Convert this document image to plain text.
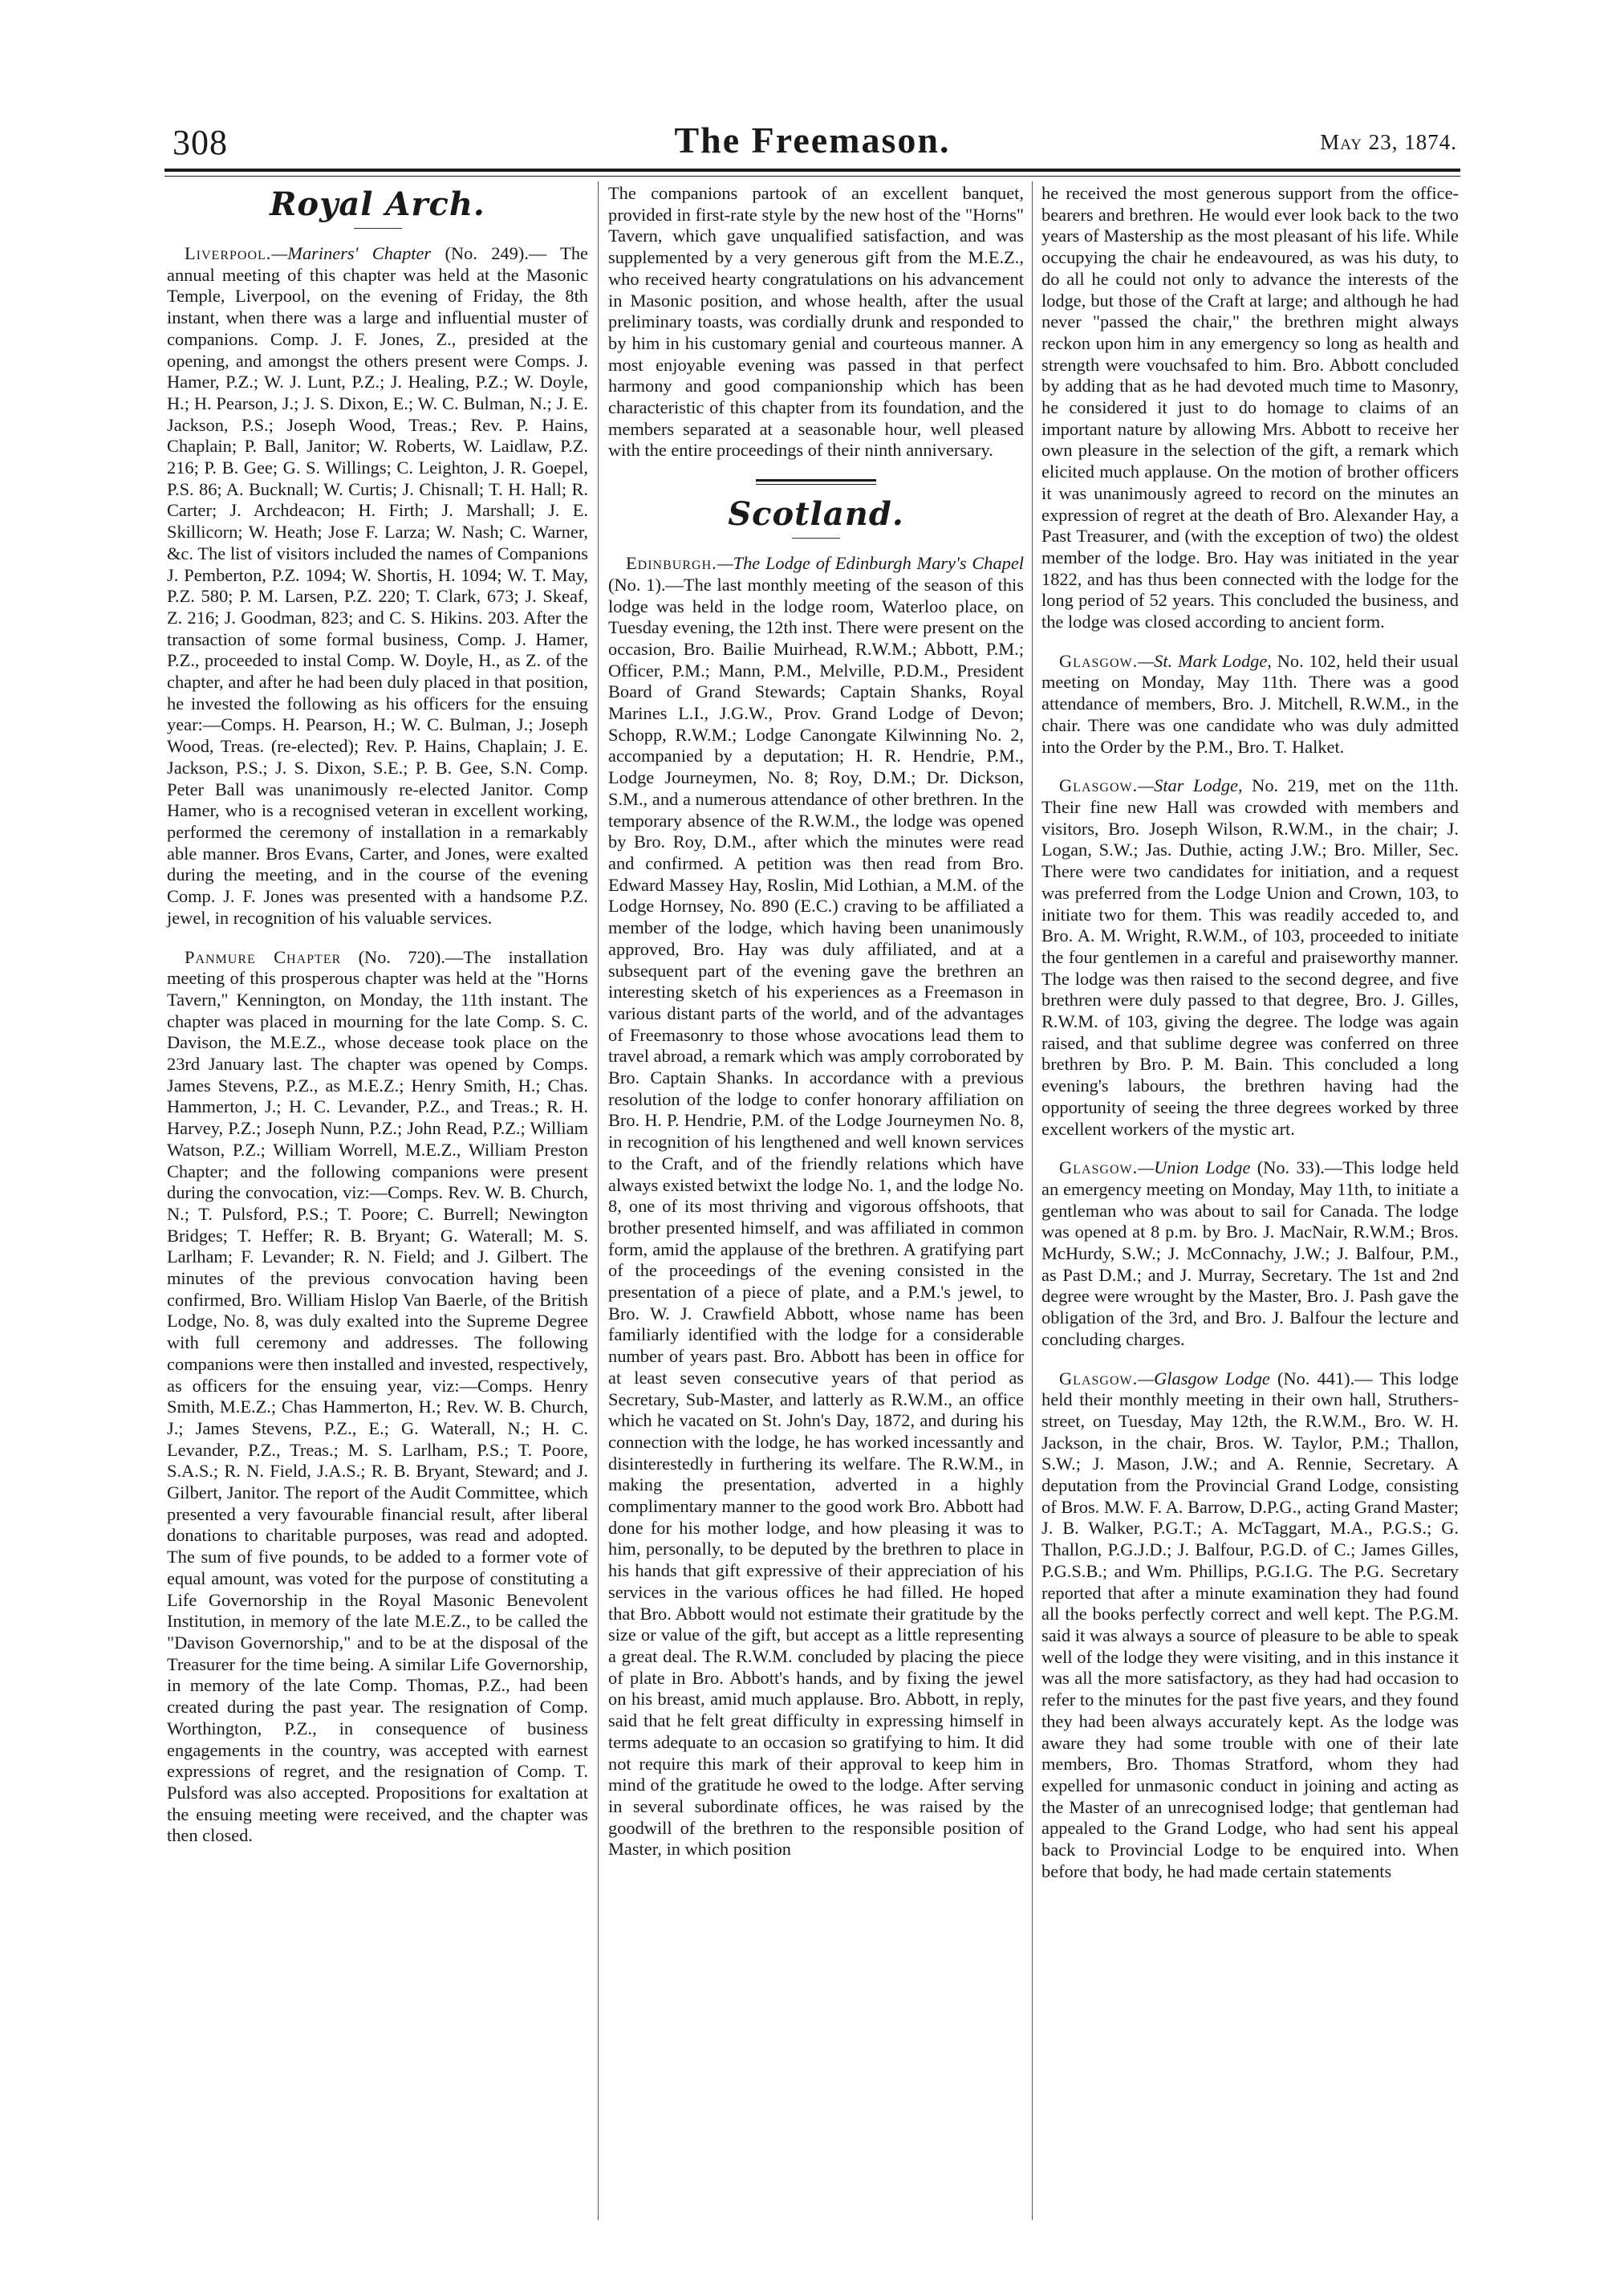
308	The Freemason.	May 23, 1874.
Royal Arch.

Liverpool.—Mariners' Chapter (No. 249).— The annual meeting of this chapter was held at the Masonic Temple, Liverpool, on the evening of Friday, the 8th instant, when there was a large and influential muster of companions. Comp. J. F. Jones, Z., presided at the opening, and amongst the others present were Comps. J. Hamer, P.Z.; W. J. Lunt, P.Z.; J. Healing, P.Z.; W. Doyle, H.; H. Pearson, J.; J. S. Dixon, E.; W. C. Bulman, N.; J. E. Jackson, P.S.; Joseph Wood, Treas.; Rev. P. Hains, Chaplain; P. Ball, Janitor; W. Roberts, W. Laidlaw, P.Z. 216; P. B. Gee; G. S. Willings; C. Leighton, J. R. Goepel, P.S. 86; A. Bucknall; W. Curtis; J. Chisnall; T. H. Hall; R. Carter; J. Archdeacon; H. Firth; J. Marshall; J. E. Skillicorn; W. Heath; Jose F. Larza; W. Nash; C. Warner, &c. The list of visitors included the names of Companions J. Pemberton, P.Z. 1094; W. Shortis, H. 1094; W. T. May, P.Z. 580; P. M. Larsen, P.Z. 220; T. Clark, 673; J. Skeaf, Z. 216; J. Goodman, 823; and C. S. Hikins. 203. After the transaction of some formal business, Comp. J. Hamer, P.Z., proceeded to instal Comp. W. Doyle, H., as Z. of the chapter, and after he had been duly placed in that position, he invested the following as his officers for the ensuing year:—Comps. H. Pearson, H.; W. C. Bulman, J.; Joseph Wood, Treas. (re-elected); Rev. P. Hains, Chaplain; J. E. Jackson, P.S.; J. S. Dixon, S.E.; P. B. Gee, S.N. Comp. Peter Ball was unanimously re-elected Janitor. Comp Hamer, who is a recognised veteran in excellent working, performed the ceremony of installation in a remarkably able manner. Bros Evans, Carter, and Jones, were exalted during the meeting, and in the course of the evening Comp. J. F. Jones was presented with a handsome P.Z. jewel, in recognition of his valuable services.

Panmure Chapter (No. 720).—The installation meeting of this prosperous chapter was held at the "Horns Tavern," Kennington, on Monday, the 11th instant. The chapter was placed in mourning for the late Comp. S. C. Davison, the M.E.Z., whose decease took place on the 23rd January last. The chapter was opened by Comps. James Stevens, P.Z., as M.E.Z.; Henry Smith, H.; Chas. Hammerton, J.; H. C. Levander, P.Z., and Treas.; R. H. Harvey, P.Z.; Joseph Nunn, P.Z.; John Read, P.Z.; William Watson, P.Z.; William Worrell, M.E.Z., William Preston Chapter; and the following companions were present during the convocation, viz:—Comps. Rev. W. B. Church, N.; T. Pulsford, P.S.; T. Poore; C. Burrell; Newington Bridges; T. Heffer; R. B. Bryant; G. Waterall; M. S. Larlham; F. Levander; R. N. Field; and J. Gilbert. The minutes of the previous convocation having been confirmed, Bro. William Hislop Van Baerle, of the British Lodge, No. 8, was duly exalted into the Supreme Degree with full ceremony and addresses. The following companions were then installed and invested, respectively, as officers for the ensuing year, viz:—Comps. Henry Smith, M.E.Z.; Chas Hammerton, H.; Rev. W. B. Church, J.; James Stevens, P.Z., E.; G. Waterall, N.; H. C. Levander, P.Z., Treas.; M. S. Larlham, P.S.; T. Poore, S.A.S.; R. N. Field, J.A.S.; R. B. Bryant, Steward; and J. Gilbert, Janitor. The report of the Audit Committee, which presented a very favourable financial result, after liberal donations to charitable purposes, was read and adopted. The sum of five pounds, to be added to a former vote of equal amount, was voted for the purpose of constituting a Life Governorship in the Royal Masonic Benevolent Institution, in memory of the late M.E.Z., to be called the "Davison Governorship," and to be at the disposal of the Treasurer for the time being. A similar Life Governorship, in memory of the late Comp. Thomas, P.Z., had been created during the past year. The resignation of Comp. Worthington, P.Z., in consequence of business engagements in the country, was accepted with earnest expressions of regret, and the resignation of Comp. T. Pulsford was also accepted. Propositions for exaltation at the ensuing meeting were received, and the chapter was then closed.

The companions partook of an excellent banquet, provided in first-rate style by the new host of the "Horns" Tavern, which gave unqualified satisfaction, and was supplemented by a very generous gift from the M.E.Z., who received hearty congratulations on his advancement in Masonic position, and whose health, after the usual preliminary toasts, was cordially drunk and responded to by him in his customary genial and courteous manner. A most enjoyable evening was passed in that perfect harmony and good companionship which has been characteristic of this chapter from its foundation, and the members separated at a seasonable hour, well pleased with the entire proceedings of their ninth anniversary.

Scotland.

Edinburgh.—The Lodge of Edinburgh Mary's Chapel (No. 1).—The last monthly meeting of the season of this lodge was held in the lodge room, Waterloo place, on Tuesday evening, the 12th inst. There were present on the occasion, Bro. Bailie Muirhead, R.W.M.; Abbott, P.M.; Officer, P.M.; Mann, P.M., Melville, P.D.M., President Board of Grand Stewards; Captain Shanks, Royal Marines L.I., J.G.W., Prov. Grand Lodge of Devon; Schopp, R.W.M.; Lodge Canongate Kilwinning No. 2, accompanied by a deputation; H. R. Hendrie, P.M., Lodge Journeymen, No. 8; Roy, D.M.; Dr. Dickson, S.M., and a numerous attendance of other brethren. In the temporary absence of the R.W.M., the lodge was opened by Bro. Roy, D.M., after which the minutes were read and confirmed. A petition was then read from Bro. Edward Massey Hay, Roslin, Mid Lothian, a M.M. of the Lodge Hornsey, No. 890 (E.C.) craving to be affiliated a member of the lodge, which having been unanimously approved, Bro. Hay was duly affiliated, and at a subsequent part of the evening gave the brethren an interesting sketch of his experiences as a Freemason in various distant parts of the world, and of the advantages of Freemasonry to those whose avocations lead them to travel abroad, a remark which was amply corroborated by Bro. Captain Shanks. In accordance with a previous resolution of the lodge to confer honorary affiliation on Bro. H. P. Hendrie, P.M. of the Lodge Journeymen No. 8, in recognition of his lengthened and well known services to the Craft, and of the friendly relations which have always existed betwixt the lodge No. 1, and the lodge No. 8, one of its most thriving and vigorous offshoots, that brother presented himself, and was affiliated in common form, amid the applause of the brethren. A gratifying part of the proceedings of the evening consisted in the presentation of a piece of plate, and a P.M.'s jewel, to Bro. W. J. Crawfield Abbott, whose name has been familiarly identified with the lodge for a considerable number of years past. Bro. Abbott has been in office for at least seven consecutive years of that period as Secretary, Sub-Master, and latterly as R.W.M., an office which he vacated on St. John's Day, 1872, and during his connection with the lodge, he has worked incessantly and disinterestedly in furthering its welfare. The R.W.M., in making the presentation, adverted in a highly complimentary manner to the good work Bro. Abbott had done for his mother lodge, and how pleasing it was to him, personally, to be deputed by the brethren to place in his hands that gift expressive of their appreciation of his services in the various offices he had filled. He hoped that Bro. Abbott would not estimate their gratitude by the size or value of the gift, but accept as a little representing a great deal. The R.W.M. concluded by placing the piece of plate in Bro. Abbott's hands, and by fixing the jewel on his breast, amid much applause. Bro. Abbott, in reply, said that he felt great difficulty in expressing himself in terms adequate to an occasion so gratifying to him. It did not require this mark of their approval to keep him in mind of the gratitude he owed to the lodge. After serving in several subordinate offices, he was raised by the goodwill of the brethren to the responsible position of Master, in which position

he received the most generous support from the office-bearers and brethren. He would ever look back to the two years of Mastership as the most pleasant of his life. While occupying the chair he endeavoured, as was his duty, to do all he could not only to advance the interests of the lodge, but those of the Craft at large; and although he had never "passed the chair," the brethren might always reckon upon him in any emergency so long as health and strength were vouchsafed to him. Bro. Abbott concluded by adding that as he had devoted much time to Masonry, he considered it just to do homage to claims of an important nature by allowing Mrs. Abbott to receive her own pleasure in the selection of the gift, a remark which elicited much applause. On the motion of brother officers it was unanimously agreed to record on the minutes an expression of regret at the death of Bro. Alexander Hay, a Past Treasurer, and (with the exception of two) the oldest member of the lodge. Bro. Hay was initiated in the year 1822, and has thus been connected with the lodge for the long period of 52 years. This concluded the business, and the lodge was closed according to ancient form.

Glasgow.—St. Mark Lodge, No. 102, held their usual meeting on Monday, May 11th. There was a good attendance of members, Bro. J. Mitchell, R.W.M., in the chair. There was one candidate who was duly admitted into the Order by the P.M., Bro. T. Halket.

Glasgow.—Star Lodge, No. 219, met on the 11th. Their fine new Hall was crowded with members and visitors, Bro. Joseph Wilson, R.W.M., in the chair; J. Logan, S.W.; Jas. Duthie, acting J.W.; Bro. Miller, Sec. There were two candidates for initiation, and a request was preferred from the Lodge Union and Crown, 103, to initiate two for them. This was readily acceded to, and Bro. A. M. Wright, R.W.M., of 103, proceeded to initiate the four gentlemen in a careful and praiseworthy manner. The lodge was then raised to the second degree, and five brethren were duly passed to that degree, Bro. J. Gilles, R.W.M. of 103, giving the degree. The lodge was again raised, and that sublime degree was conferred on three brethren by Bro. P. M. Bain. This concluded a long evening's labours, the brethren having had the opportunity of seeing the three degrees worked by three excellent workers of the mystic art.

Glasgow.—Union Lodge (No. 33).—This lodge held an emergency meeting on Monday, May 11th, to initiate a gentleman who was about to sail for Canada. The lodge was opened at 8 p.m. by Bro. J. MacNair, R.W.M.; Bros. McHurdy, S.W.; J. McConnachy, J.W.; J. Balfour, P.M., as Past D.M.; and J. Murray, Secretary. The 1st and 2nd degree were wrought by the Master, Bro. J. Pash gave the obligation of the 3rd, and Bro. J. Balfour the lecture and concluding charges.

Glasgow.—Glasgow Lodge (No. 441).— This lodge held their monthly meeting in their own hall, Struthers-street, on Tuesday, May 12th, the R.W.M., Bro. W. H. Jackson, in the chair, Bros. W. Taylor, P.M.; Thallon, S.W.; J. Mason, J.W.; and A. Rennie, Secretary. A deputation from the Provincial Grand Lodge, consisting of Bros. M.W. F. A. Barrow, D.P.G., acting Grand Master; J. B. Walker, P.G.T.; A. McTaggart, M.A., P.G.S.; G. Thallon, P.G.J.D.; J. Balfour, P.G.D. of C.; James Gilles, P.G.S.B.; and Wm. Phillips, P.G.I.G. The P.G. Secretary reported that after a minute examination they had found all the books perfectly correct and well kept. The P.G.M. said it was always a source of pleasure to be able to speak well of the lodge they were visiting, and in this instance it was all the more satisfactory, as they had had occasion to refer to the minutes for the past five years, and they found they had been always accurately kept. As the lodge was aware they had some trouble with one of their late members, Bro. Thomas Stratford, whom they had expelled for unmasonic conduct in joining and acting as the Master of an unrecognised lodge; that gentleman had appealed to the Grand Lodge, who had sent his appeal back to Provincial Lodge to be enquired into. When before that body, he had made certain statements
